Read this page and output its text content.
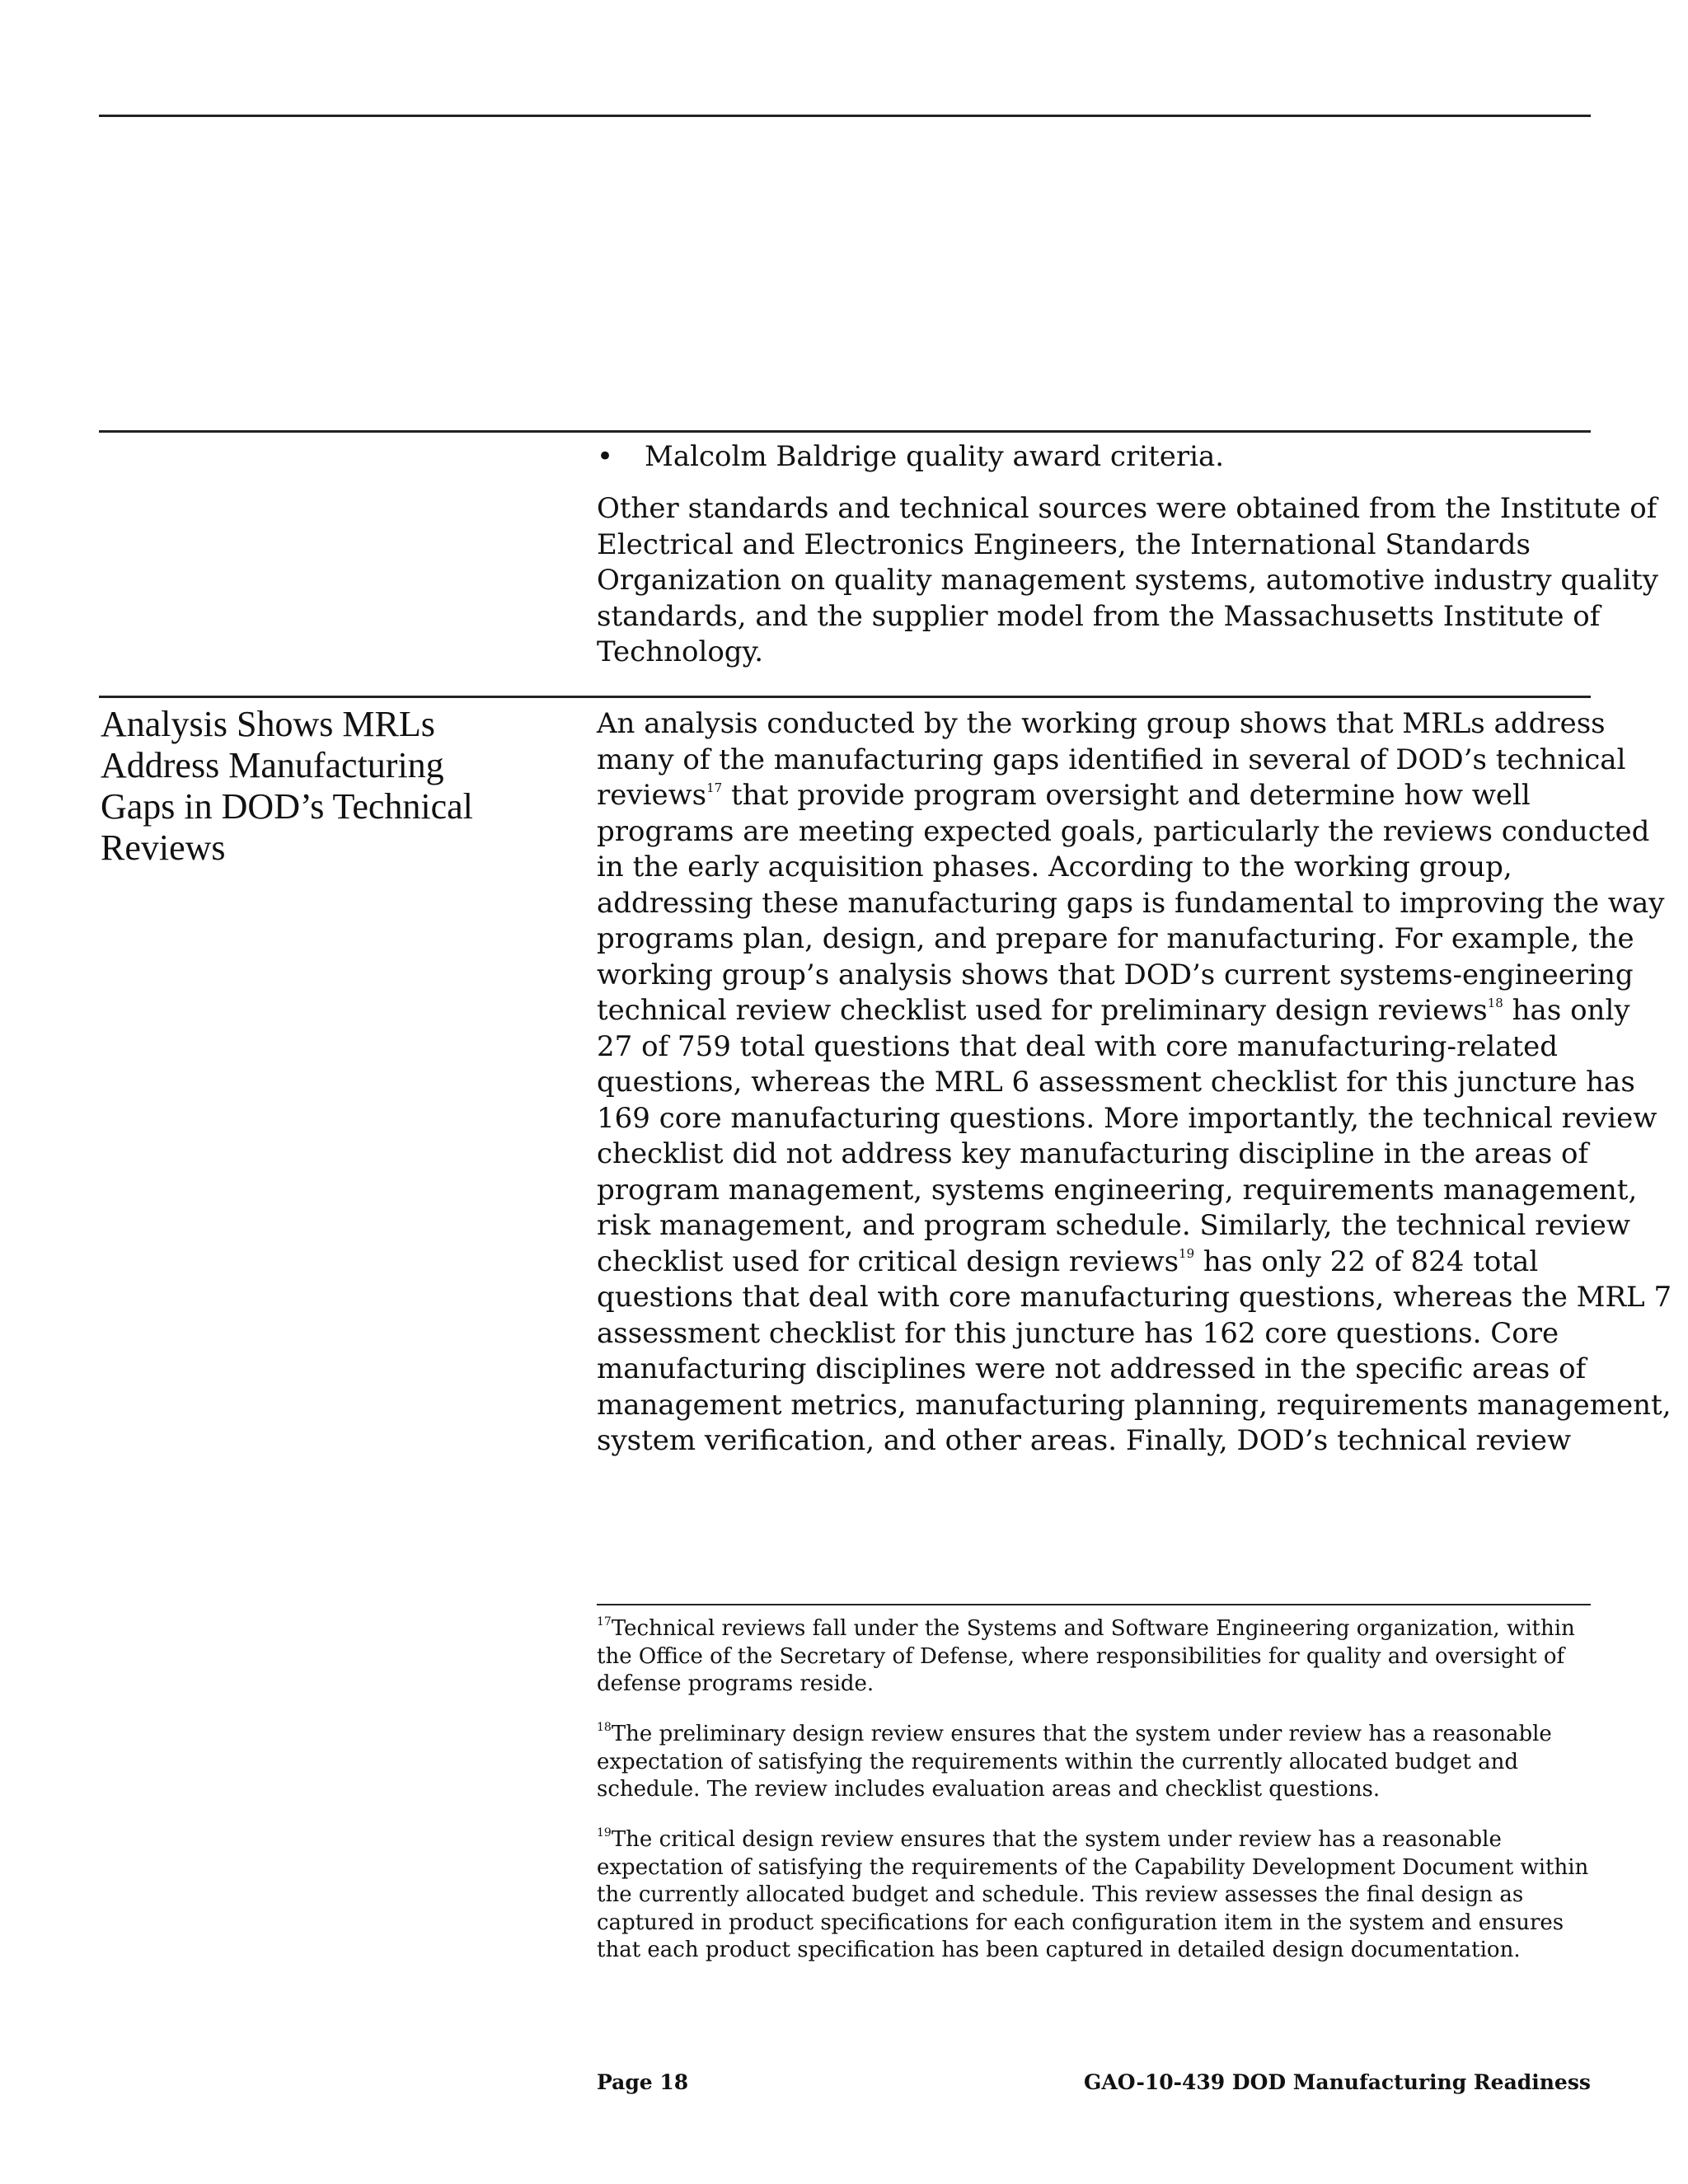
• Malcolm Baldrige quality award criteria.
Other standards and technical sources were obtained from the Institute of
Electrical and Electronics Engineers, the International Standards
Organization on quality management systems, automotive industry quality
standards, and the supplier model from the Massachusetts Institute of
Technology.
Analysis Shows MRLs
Address Manufacturing
Gaps in DOD’s Technical
Reviews
An analysis conducted by the working group shows that MRLs address
many of the manufacturing gaps identified in several of DOD’s technical
reviews$^{17}$ that provide program oversight and determine how well
programs are meeting expected goals, particularly the reviews conducted
in the early acquisition phases. According to the working group,
addressing these manufacturing gaps is fundamental to improving the way
programs plan, design, and prepare for manufacturing. For example, the
working group’s analysis shows that DOD’s current systems-engineering
technical review checklist used for preliminary design reviews$^{18}$ has only
27 of 759 total questions that deal with core manufacturing-related
questions, whereas the MRL 6 assessment checklist for this juncture has
169 core manufacturing questions. More importantly, the technical review
checklist did not address key manufacturing discipline in the areas of
program management, systems engineering, requirements management,
risk management, and program schedule. Similarly, the technical review
checklist used for critical design reviews$^{19}$ has only 22 of 824 total
questions that deal with core manufacturing questions, whereas the MRL 7
assessment checklist for this juncture has 162 core questions. Core
manufacturing disciplines were not addressed in the specific areas of
management metrics, manufacturing planning, requirements management,
system verification, and other areas. Finally, DOD’s technical review
$^{17}$Technical reviews fall under the Systems and Software Engineering organization, within
the Office of the Secretary of Defense, where responsibilities for quality and oversight of
defense programs reside.
$^{18}$The preliminary design review ensures that the system under review has a reasonable
expectation of satisfying the requirements within the currently allocated budget and
schedule. The review includes evaluation areas and checklist questions.
$^{19}$The critical design review ensures that the system under review has a reasonable
expectation of satisfying the requirements of the Capability Development Document within
the currently allocated budget and schedule. This review assesses the final design as
captured in product specifications for each configuration item in the system and ensures
that each product specification has been captured in detailed design documentation.
Page 18	GAO-10-439 DOD Manufacturing Readiness
